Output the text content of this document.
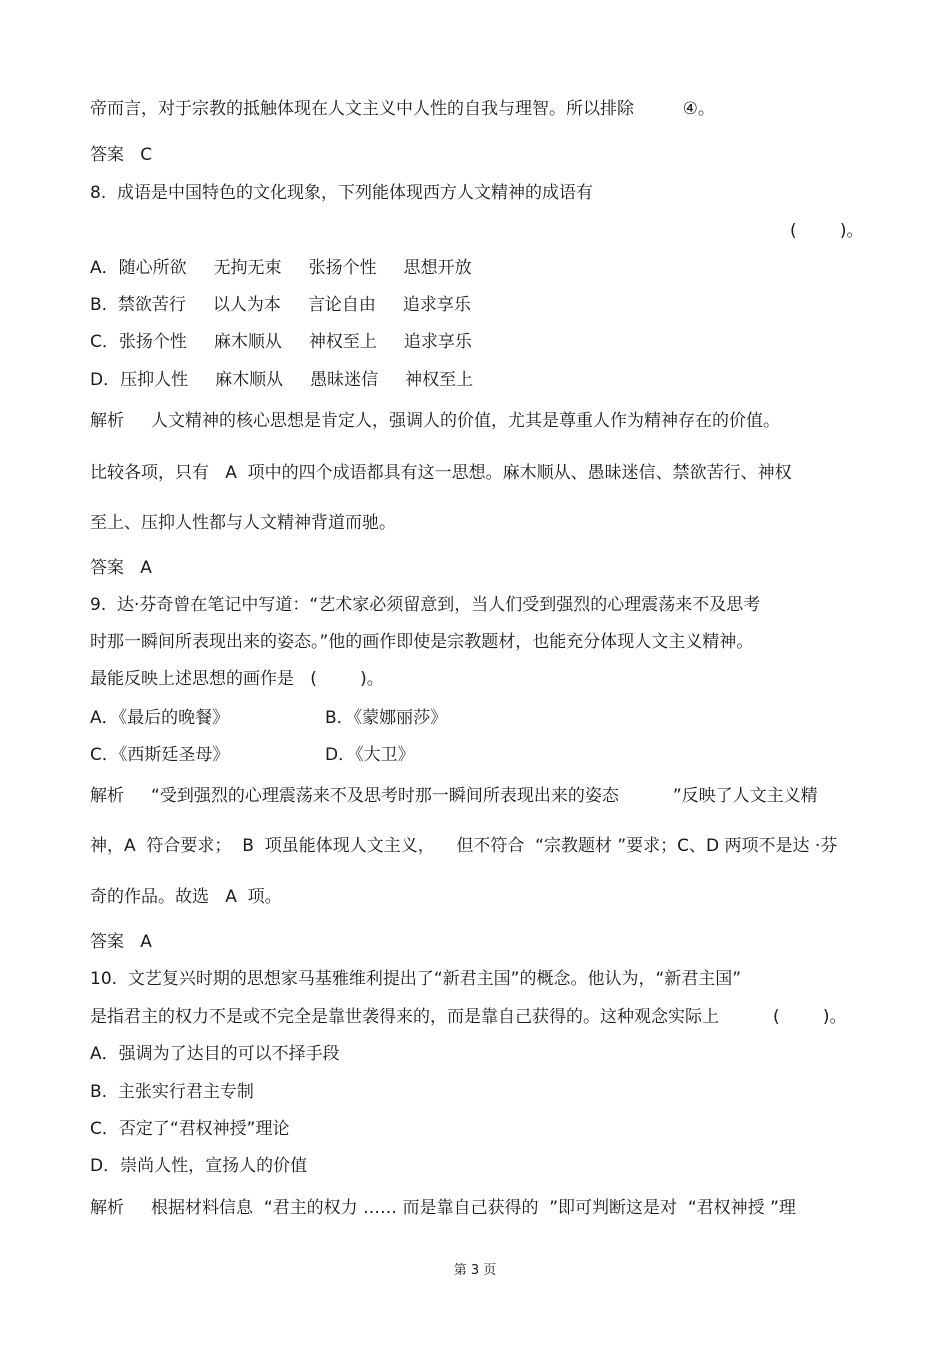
帝而言，对于宗教的抵触体现在人文主义中人性的自我与理智。所以排除         ④。
答案   C
8.  成语是中国特色的文化现象，下列能体现西方人文精神的成语有
(        )。
A．随心所欲     无拘无束     张扬个性     思想开放
B.  禁欲苦行     以人为本     言论自由     追求享乐
C．张扬个性     麻木顺从     神权至上     追求享乐
D．压抑人性     麻木顺从     愚昧迷信     神权至上
解析     人文精神的核心思想是肯定人，强调人的价值，尤其是尊重人作为精神存在的价值。
比较各项，只有   A  项中的四个成语都具有这一思想。麻木顺从、愚昧迷信、禁欲苦行、神权
至上、压抑人性都与人文精神背道而驰。
答案   A
9.  达·芬奇曾在笔记中写道：“艺术家必须留意到，当人们受到强烈的心理震荡来不及思考
时那一瞬间所表现出来的姿态。”他的画作即使是宗教题材，也能充分体现人文主义精神。
最能反映上述思想的画作是   (        )。
A．《最后的晚餐》	B．《蒙娜丽莎》
C．《西斯廷圣母》	D．《大卫》
解析     “受到强烈的心理震荡来不及思考时那一瞬间所表现出来的姿态          ”反映了人文主义精
神，A  符合要求；  B  项虽能体现人文主义，    但不符合  “宗教题材 ”要求；C、D 两项不是达 ·芬
奇的作品。故选   A  项。
答案   A
10.  文艺复兴时期的思想家马基雅维利提出了“新君主国”的概念。他认为，“新君主国”
是指君主的权力不是或不完全是靠世袭得来的，而是靠自己获得的。这种观念实际上          (        )。
A．强调为了达目的可以不择手段
B.  主张实行君主专制
C．否定了“君权神授”理论
D．崇尚人性，宣扬人的价值
解析     根据材料信息  “君主的权力 …… 而是靠自己获得的  ”即可判断这是对  “君权神授 ”理
第 3 页
